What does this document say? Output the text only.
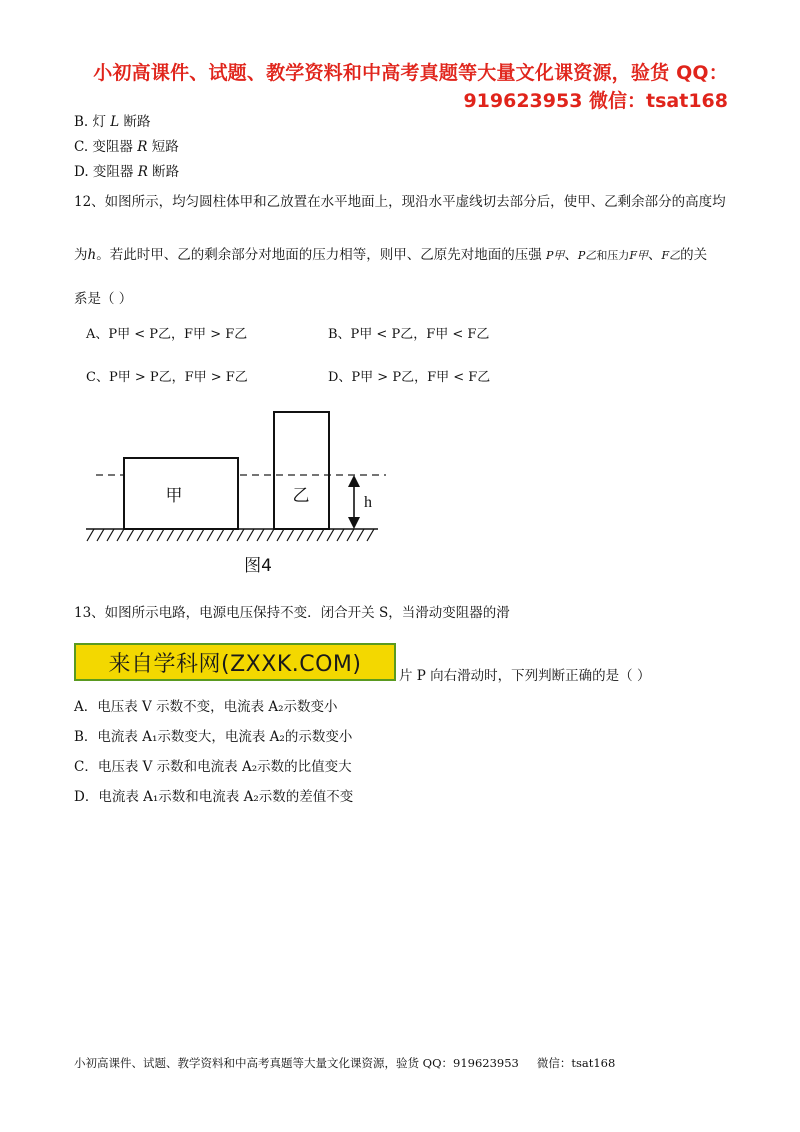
小初高课件、试题、教学资料和中高考真题等大量文化课资源，验货 QQ：
919623953 微信：tsat168
B. 灯 L 断路
C. 变阻器 R 短路
D. 变阻器 R 断路
12、如图所示，均匀圆柱体甲和乙放置在水平地面上，现沿水平虚线切去部分后，使甲、乙剩余部分的高度均
为h。若此时甲、乙的剩余部分对地面的压力相等，则甲、乙原先对地面的压强 P甲、P乙和压力F甲、F乙的关
系是（ ）
A、P甲 < P乙，F甲 > F乙	B、P甲 < P乙，F甲 < F乙
C、P甲 > P乙，F甲 > F乙	D、P甲 > P乙，F甲 < F乙
h
甲	乙
图4
13、如图所示电路，电源电压保持不变．闭合开关 S，当滑动变阻器的滑
来自学科网(ZXXK.COM)	片 P 向右滑动时，下列判断正确的是（ ）
A．电压表 V 示数不变，电流表 A₂示数变小
B．电流表 A₁示数变大，电流表 A₂的示数变小
C．电压表 V 示数和电流表 A₂示数的比值变大
D．电流表 A₁示数和电流表 A₂示数的差值不变
小初高课件、试题、教学资料和中高考真题等大量文化课资源，验货 QQ：919623953 微信：tsat168
